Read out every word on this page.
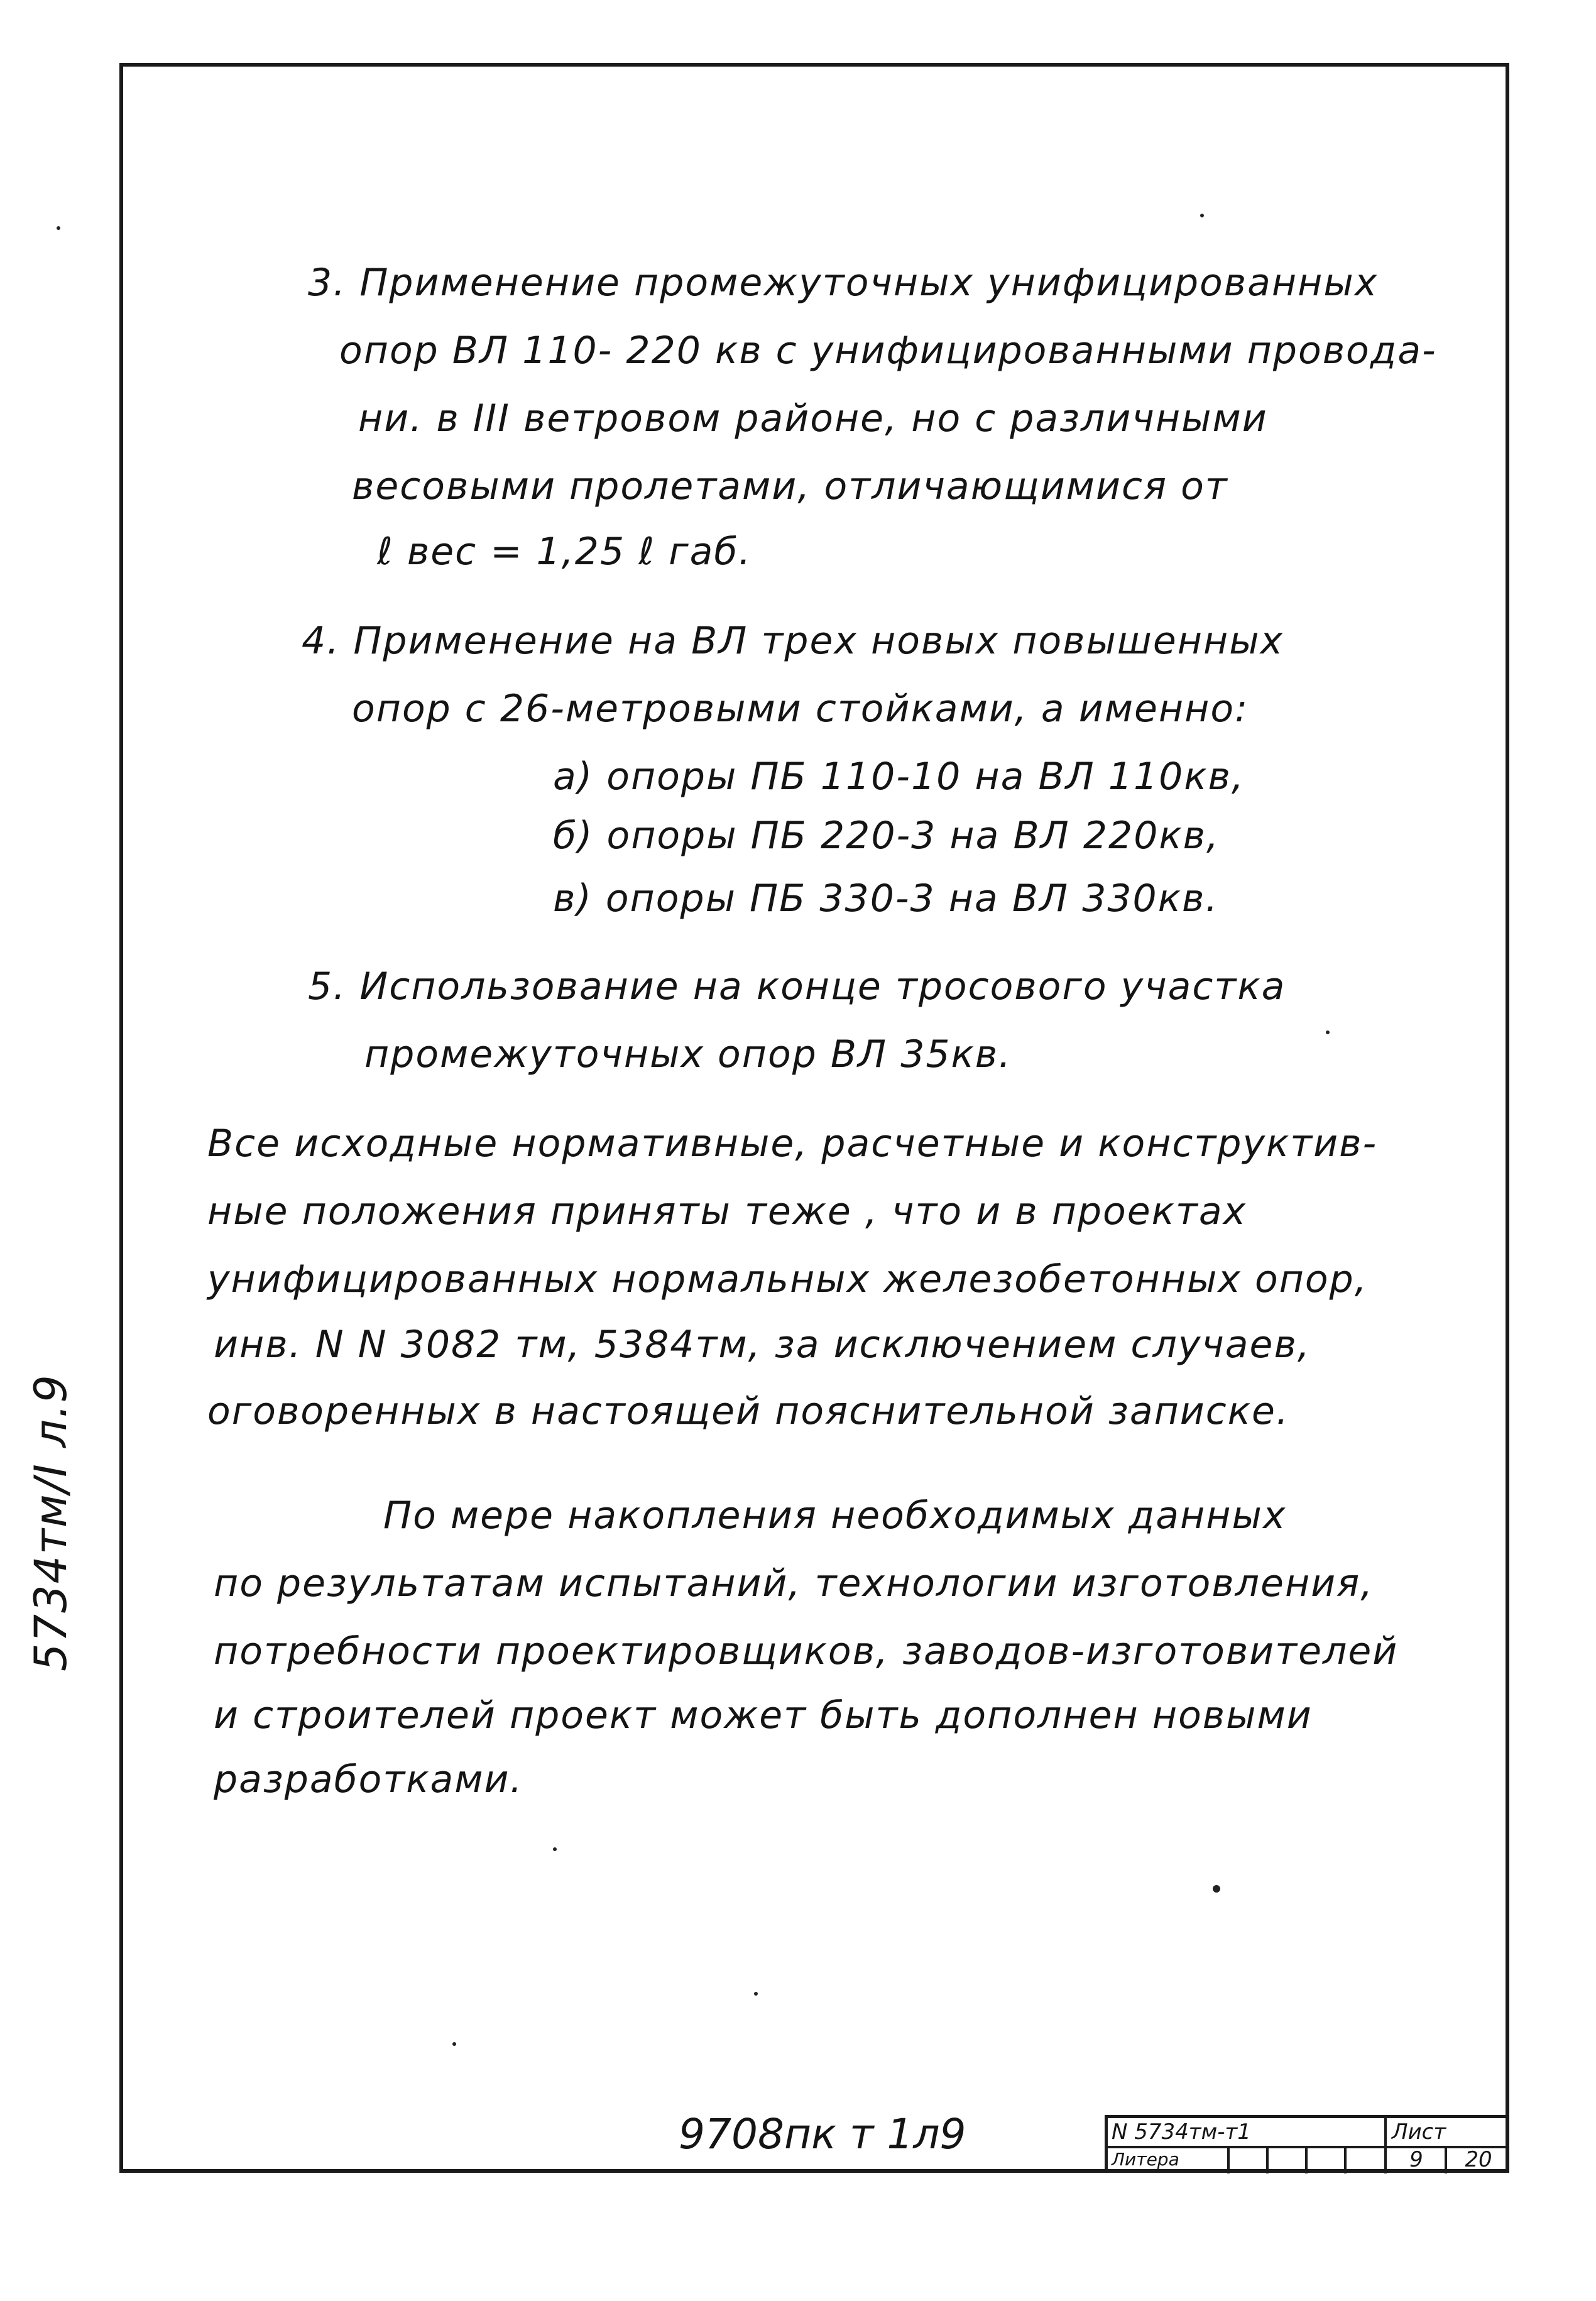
3. Применение промежуточных унифицированных

опор ВЛ 110- 220 кв с унифицированными проводa-

ни. в III ветровом районе, но с различными

весовыми пролетами, отличающимися от

ℓ вес = 1,25 ℓ габ.

4. Применение на ВЛ трех новых повышенных

опор с 26-метровыми стойками, а именно:

а) опоры ПБ 110-10 на ВЛ 110кв,

б) опоры ПБ 220-3 на ВЛ 220кв,

в) опоры ПБ 330-3 на ВЛ 330кв.

5. Использование на конце тросового участка

промежуточных опор ВЛ 35кв.

Все исходные нормативные, расчетные и конструктив-

ные положения приняты теже , что и в проектах

унифицированных нормальных железобетонных опор,

инв. N N 3082 тм, 5384тм, за исключением случаев,

оговоренных в настоящей пояснительной записке.

По мере накопления необходимых данных

по результатам испытаний, технологии изготовления,

потребности проектировщиков, заводов-изготовителей

и строителей проект может быть дополнен новыми

разработками.

5734тм/I л.9
9708пк т 1л9	N 5734тм-т1	Лист
Литера	9	20
